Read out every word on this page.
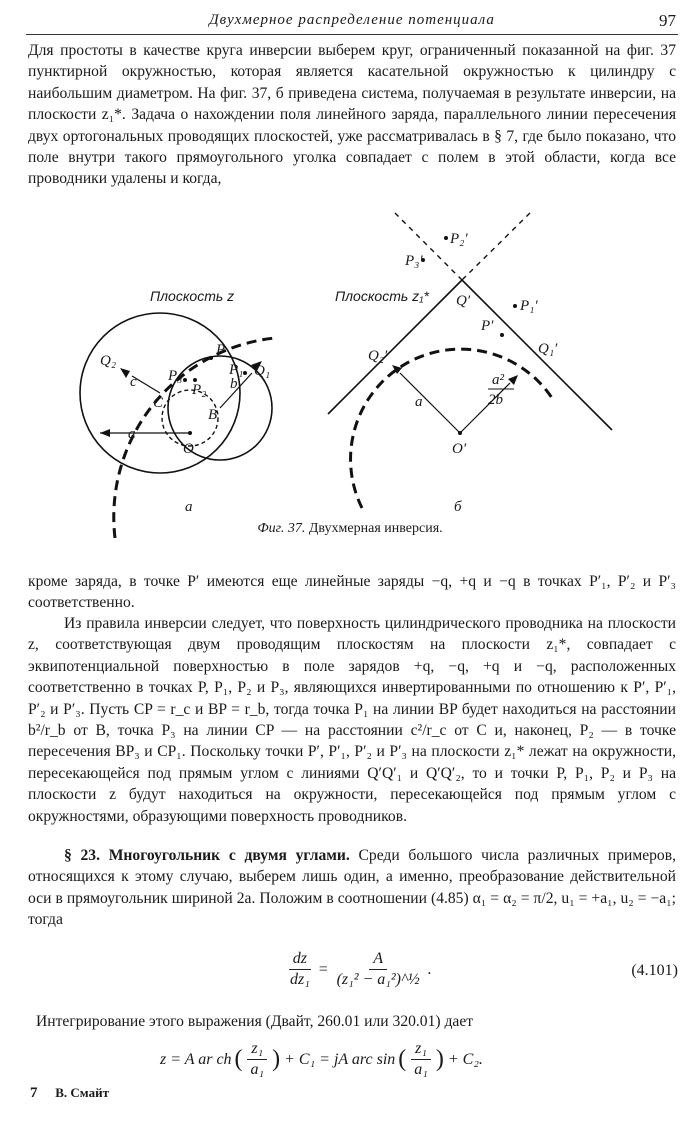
Двухмерное распределение потенциала	97

Для простоты в качестве круга инверсии выберем круг, ограниченный показанной на фиг. 37 пунктирной окружностью, которая является касательной окружностью к цилиндру с наибольшим диаметром. На фиг. 37, б приведена система, получаемая в результате инверсии, на плоскости z₁*. Задача о нахождении поля линейного заряда, параллельного линии пересечения двух ортогональных проводящих плоскостей, уже рассматривалась в § 7, где было показано, что поле внутри такого прямоугольного уголка совпадает с полем в этой области, когда все проводники удалены и когда,

Плоскость z
Q₂
P
P₁
P₂
P₃	Q₁
c	b
C
B
a
O
а
Плоскость z₁*
P₂′
P₃′
Q′	P₁′
P′
Q₂′	Q₁′
a²
2b
a
O′
б
Фиг. 37. Двухмерная инверсия.

кроме заряда, в точке P′ имеются еще линейные заряды −q, +q и −q в точках P′₁, P′₂ и P′₃ соответственно.

Из правила инверсии следует, что поверхность цилиндрического проводника на плоскости z, соответствующая двум проводящим плоскостям на плоскости z₁*, совпадает с эквипотенциальной поверхностью в поле зарядов +q, −q, +q и −q, расположенных соответственно в точках P, P₁, P₂ и P₃, являющихся инвертированными по отношению к P′, P′₁, P′₂ и P′₃. Пусть CP = r_c и BP = r_b, тогда точка P₁ на линии BP будет находиться на расстоянии b²/r_b от B, точка P₃ на линии CP — на расстоянии c²/r_c от C и, наконец, P₂ — в точке пересечения BP₃ и CP₁. Поскольку точки P′, P′₁, P′₂ и P′₃ на плоскости z₁* лежат на окружности, пересекающейся под прямым углом с линиями Q′Q′₁ и Q′Q′₂, то и точки P, P₁, P₂ и P₃ на плоскости z будут находиться на окружности, пересекающейся под прямым углом с окружностями, образующими поверхность проводников.

§ 23. Многоугольник с двумя углами. Среди большого числа различных примеров, относящихся к этому случаю, выберем лишь один, а именно, преобразование действительной оси в прямоугольник шириной 2a. Положим в соотношении (4.85) α₁ = α₂ = π/2, u₁ = +a₁, u₂ = −a₁; тогда

$\frac{dz}{\text{dz₁}} = \frac{A}{\text{(z₁² − a₁²)\textasciicircum{}½}}$ .	(4.101)

Интегрирование этого выражения (Двайт, 260.01 или 320.01) дает

z = A ar ch ( $\frac{\text{z₁}}{\text{a₁}}$ ) + C₁ = jA arc sin ( $\frac{\text{z₁}}{\text{a₁}}$ ) + C₂.
7 В. Смайт
